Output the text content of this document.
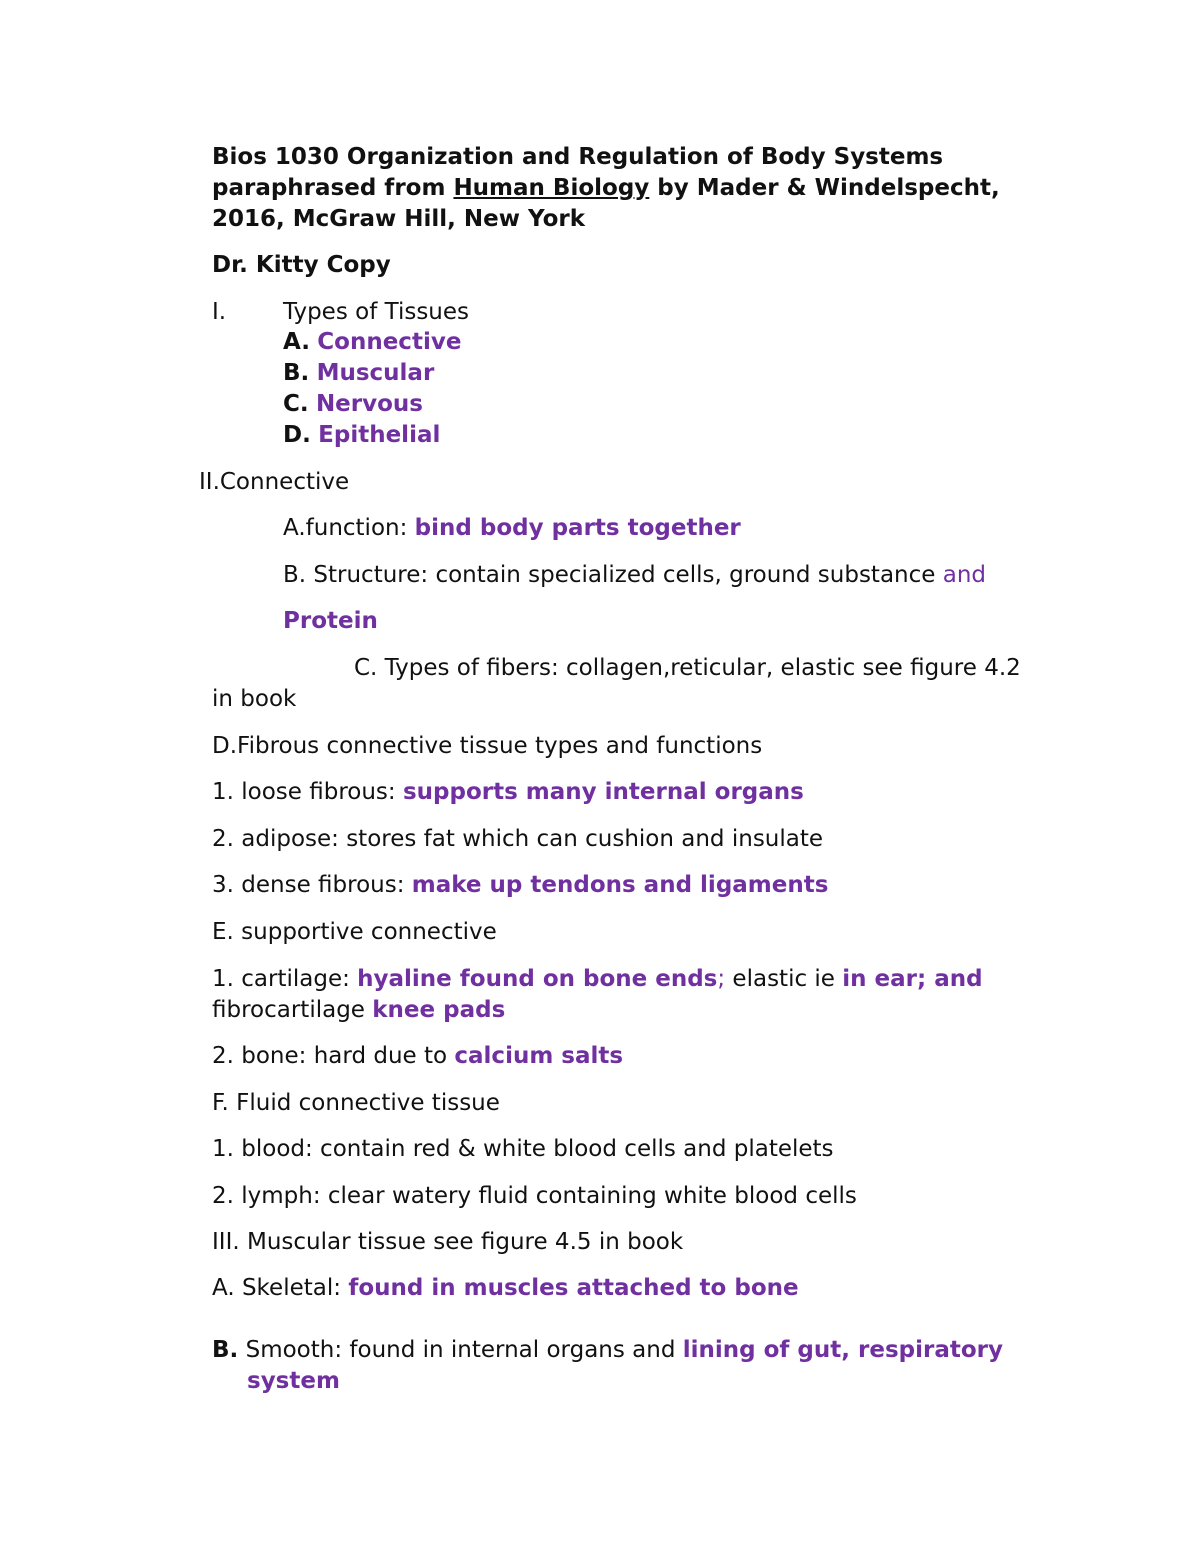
Bios 1030 Organization and Regulation of Body Systems
paraphrased from Human Biology by Mader & Windelspecht,
2016, McGraw Hill, New York
Dr. Kitty Copy
I. Types of Tissues
A. Connective
B. Muscular
C. Nervous
D. Epithelial
II.Connective
A.function: bind body parts together
B. Structure: contain specialized cells, ground substance and
Protein
C. Types of fibers: collagen,reticular, elastic see figure 4.2
in book
D.Fibrous connective tissue types and functions
1. loose fibrous: supports many internal organs
2. adipose: stores fat which can cushion and insulate
3. dense fibrous: make up tendons and ligaments
E. supportive connective
1. cartilage: hyaline found on bone ends; elastic ie in ear; and
fibrocartilage knee pads
2. bone: hard due to calcium salts
F. Fluid connective tissue
1. blood: contain red & white blood cells and platelets
2. lymph: clear watery fluid containing white blood cells
III. Muscular tissue see figure 4.5 in book
A. Skeletal: found in muscles attached to bone
B. Smooth: found in internal organs and lining of gut, respiratory
system
